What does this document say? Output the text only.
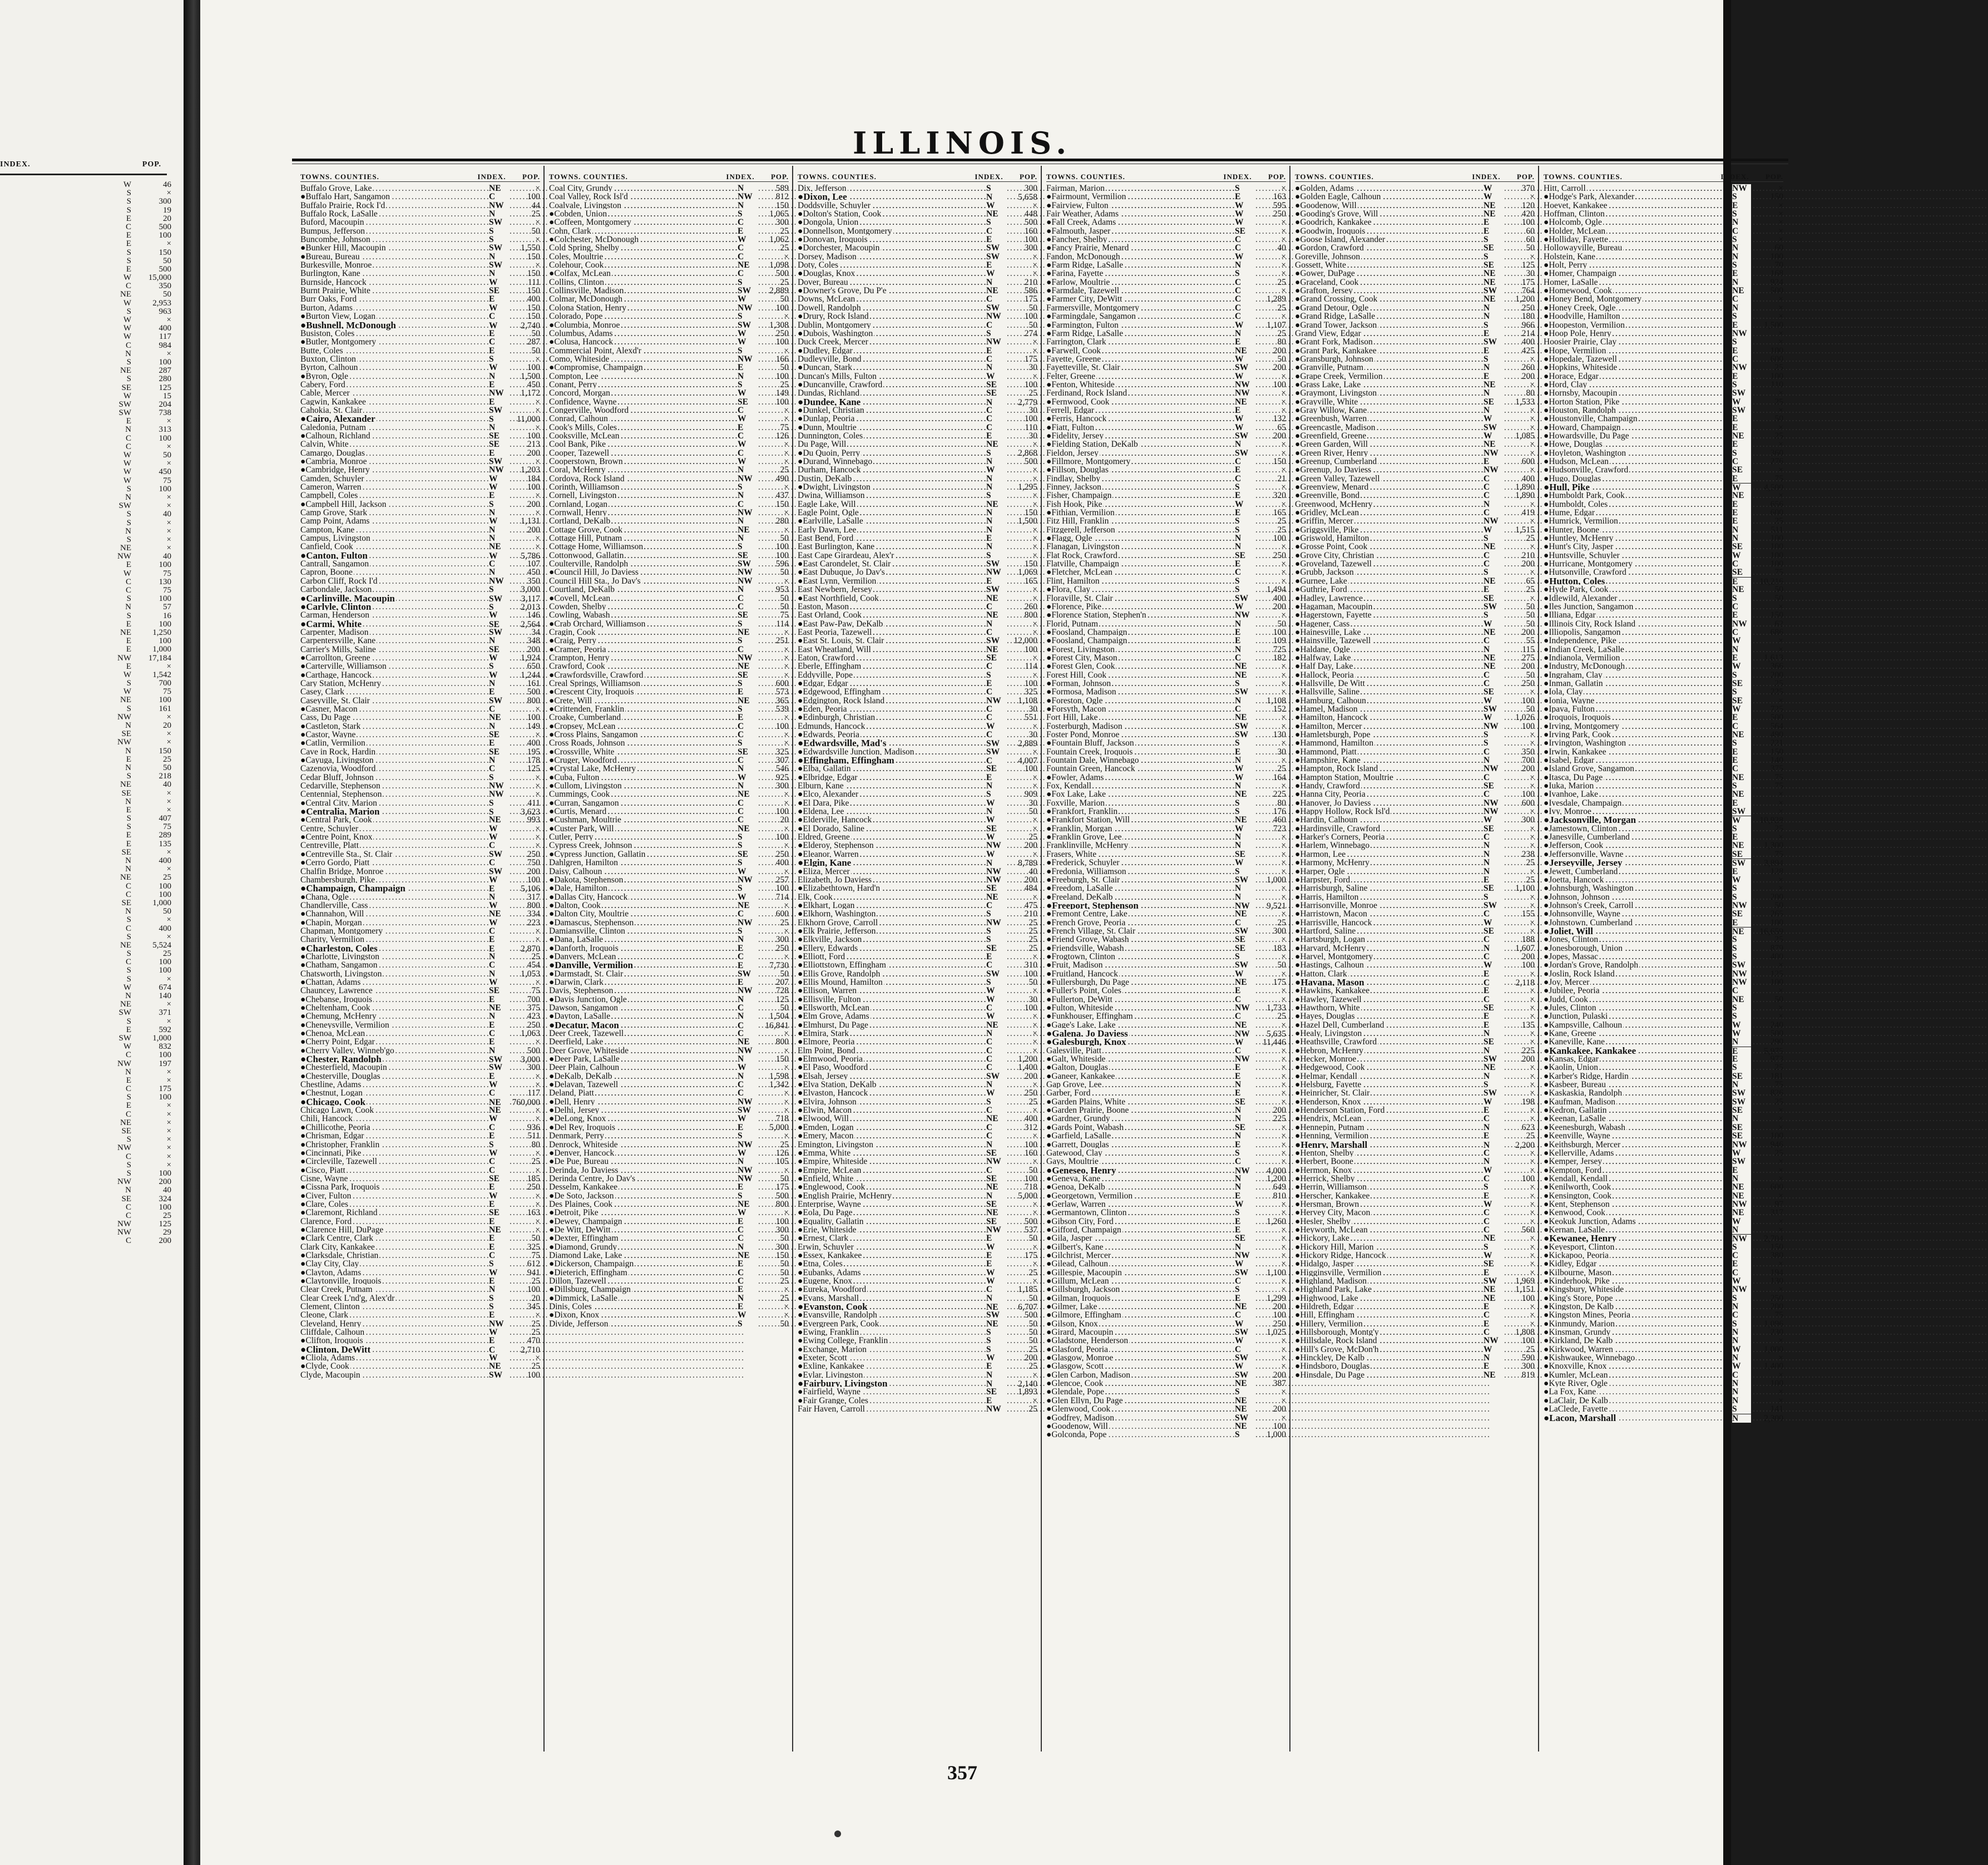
INDEX.	POP.
W	46
S	×
S	300
S	19
E	20
C	500
E	100
E	×
S	150
S	50
E	500
W	15,000
C	350
NE	50
W	2,953
S	963
W	×
W	400
W	117
C	984
N	×
S	100
NE	287
S	280
SE	125
W	15
SW	204
SW	738
E	×
N	313
C	100
C	×
W	50
W	×
W	450
W	75
S	100
N	×
SW	×
S	40
S	×
N	×
S	×
NE	×
NW	40
E	100
W	75
C	130
C	75
S	100
N	57
S	16
E	100
NE	1,250
E	100
E	1,000
NW	17,184
E	×
W	1,542
S	700
W	75
NE	100
S	161
NW	×
N	20
SE	×
NW	×
N	150
E	25
N	50
S	218
NE	40
SE	×
N	×
E	×
S	407
S	75
E	289
E	135
SE	×
N	400
N	×
NE	25
C	100
C	100
SE	1,000
N	50
S	×
C	400
S	×
NE	5,524
S	25
C	100
S	100
S	×
W	674
N	140
NE	×
SW	371
S	×
E	592
SW	1,000
W	832
C	100
NW	197
N	×
E	×
C	175
S	100
E	×
C	×
NE	×
SE	×
S	×
NW	×
C	×
S	×
S	100
NW	200
N	40
SE	324
C	100
C	25
NW	125
NW	29
C	200
ILLINOIS.
TOWNS. COUNTIES.	INDEX.	POP.
Buffalo Grove, Lake .....	NE	×
●Buffalo Hart, Sangamon .....	C	100
Buffalo Prairie, Rock I'd .....	NW	44
Buffalo Rock, LaSalle .....	N	25
Buford, Macoupin .....	SW	×
Bumpus, Jefferson .....	S	50
Buncombe, Johnson .....	S	×
●Bunker Hill, Macoupin .....	SW	1,550
●Bureau, Bureau .....	N	150
Burkesville, Monroe .....	SW	×
Burlington, Kane .....	N	150
Burnside, Hancock .....	W	111
Burnt Prairie, White .....	SE	150
Burr Oaks, Ford .....	E	400
Burton, Adams .....	W	150
●Burton View, Logan .....	C	150
●Bushnell, McDonough .....	W	2,740
Busiston, Coles .....	E	50
●Butler, Montgomery .....	C	287
Butte, Coles .....	E	50
Buxton, Clinton .....	S	×
Byrton, Calhoun .....	W	100
●Byron, Ogle .....	N	1,500
Cabery, Ford .....	E	450
Cable, Mercer .....	NW	1,172
Cagwin, Kankakee .....	E	×
Cahokia, St. Clair .....	SW	×
●Cairo, Alexander .....	S	11,000
Caledonia, Putnam .....	N	×
●Calhoun, Richland .....	SE	100
Calvin, White .....	SE	213
Camargo, Douglas .....	E	200
●Cambria, Monroe .....	SW	×
●Cambridge, Henry .....	NW	1,203
Camden, Schuyler .....	W	184
Cameron, Warren .....	W	100
Campbell, Coles .....	E	×
●Campbell Hill, Jackson .....	S	200
Camp Grove, Stark .....	N	×
Camp Point, Adams .....	W	1,131
Campton, Kane .....	N	200
Campus, Livingston .....	N	×
Canfield, Cook .....	NE	×
●Canton, Fulton .....	W	5,786
Cantrall, Sangamon .....	C	107
Capron, Boone .....	N	450
Carbon Cliff, Rock I'd .....	NW	350
Carbondale, Jackson .....	S	3,000
●Carlinville, Macoupin .....	SW	3,117
●Carlyle, Clinton .....	S	2,013
Carman, Henderson .....	W	146
●Carmi, White .....	SE	2,564
Carpenter, Madison .....	SW	34
Carpentersville, Kane .....	N	348
Carrier's Mills, Saline .....	SE	200
●Carrollton, Greene .....	W	1,924
●Carterville, Williamson .....	S	650
●Carthage, Hancock .....	W	1,244
Cary Station, McHenry .....	N	161
Casey, Clark .....	E	500
Caseyville, St. Clair .....	SW	800
●Casner, Macon .....	C	×
Cass, Du Page .....	NE	100
●Castleton, Stark .....	N	149
●Castor, Wayne .....	SE	×
●Catlin, Vermilion .....	E	400
Cave in Rock, Hardin .....	SE	195
●Cayuga, Livingston .....	N	178
Cazenovia, Woodford .....	C	125
Cedar Bluff, Johnson .....	S	×
Cedarville, Stephenson .....	NW	×
Centennial, Stephenson .....	NW	×
●Central City, Marion .....	S	411
●Centralia, Marion .....	S	3,623
●Central Park, Cook .....	NE	993
Centre, Schuyler .....	W	×
●Centre Point, Knox .....	W	×
Centreville, Platt .....	C	×
●Centreville Sta., St. Clair .....	SW	250
●Cerro Gordo, Piatt .....	C	750
Chalfin Bridge, Monroe .....	SW	200
Chambersburgh, Pike .....	W	100
●Champaign, Champaign .....	E	5,106
●Chana, Ogle .....	N	317
Chandlerville, Cass .....	W	800
●Channahon, Will .....	NE	334
●Chapin, Morgan .....	W	223
Chapman, Montgomery .....	C	×
Charity, Vermilion .....	E	×
●Charleston, Coles .....	E	2,870
●Charlotte, Livingston .....	N	25
●Chatham, Sangamon .....	C	454
Chatsworth, Livingston .....	N	1,053
●Chattan, Adams .....	W	×
Chauncey, Lawrence .....	SE	75
●Chebanse, Iroquois .....	E	700
●Cheltenham, Cook .....	NE	375
●Chemung, McHenry .....	N	423
●Cheneysville, Vermilion .....	E	250
●Chenoa, McLean .....	C	1,063
●Cherry Point, Edgar .....	E	×
●Cherry Valley, Winneb'go .....	N	500
●Chester, Randolph .....	SW	3,000
●Chesterfield, Macoupin .....	SW	300
●Chesterville, Douglas .....	E	×
Chestline, Adams .....	W	×
●Chestnut, Logan .....	C	117
●Chicago, Cook .....	NE	760,000
Chicago Lawn, Cook .....	NE	×
Chili, Hancock .....	W	×
●Chillicothe, Peoria .....	C	936
●Chrisman, Edgar .....	E	511
●Christopher, Franklin .....	S	80
●Cincinnati, Pike .....	W	×
●Circleville, Tazewell .....	C	25
●Cisco, Piatt .....	C	×
Cisne, Wayne .....	SE	185
●Cissna Park, Iroquois .....	E	250
●Civer, Fulton .....	W	×
●Clare, Coles .....	E	×
●Claremont, Richland .....	SE	163
Clarence, Ford .....	E	×
●Clarence Hill, DuPage .....	NE	×
●Clark Centre, Clark .....	E	50
Clark City, Kankakee .....	E	325
●Clarksdale, Christian .....	C	75
●Clay City, Clay .....	S	612
●Clayton, Adams .....	W	941
●Claytonville, Iroquois .....	E	25
Clear Creek, Putnam .....	N	100
Clear Creek L'nd'g, Alex'dr .....	S	20
Clement, Clinton .....	S	345
Cleone, Clark .....	E	×
Cleveland, Henry .....	NW	25
Cliffdale, Calhoun .....	W	25
●Clifton, Iroquois .....	E	470
●Clinton, DeWitt .....	C	2,710
●Cliola, Adams .....	W	×
●Clyde, Cook .....	NE	25
Clyde, Macoupin .....	SW	100
TOWNS. COUNTIES.	INDEX.	POP.
Coal City, Grundy .....	N	589
Coal Valley, Rock Isl'd .....	NW	812
Coalvale, Livingston .....	N	150
●Cobden, Union .....	S	1,065
●Coffeen, Montgomery .....	C	300
Cohn, Clark .....	E	25
●Colchester, McDonough .....	W	1,062
Cold Spring, Shelby .....	C	25
Coles, Moultrie .....	C	×
Colehour, Cook .....	NE	1,098
●Colfax, McLean .....	C	500
Collins, Clinton .....	S	25
Collinsville, Madison .....	SW	2,889
Colmar, McDonough .....	W	50
Colona Station, Henry .....	NW	100
Colorado, Pope .....	S	×
●Columbia, Monroe .....	SW	1,308
Columbus, Adams .....	W	250
●Colusa, Hancock .....	W	100
Commercial Point, Alexd'r .....	S	×
Como, Whiteside .....	NW	166
●Compromise, Champaign .....	E	50
Compton, Lee .....	N	100
Conant, Perry .....	S	25
Concord, Morgan .....	W	149
Confidence, Wayne .....	SE	100
Congerville, Woodford .....	C	×
Conrad, Calhoun .....	W	×
Cook's Mills, Coles .....	E	75
Cooksville, McLean .....	C	126
Cool Bank, Pike .....	W	×
Cooper, Tazewell .....	C	×
Cooperstown, Brown .....	W	×
Coral, McHenry .....	N	25
Cordova, Rock Island .....	NW	490
Corinth, Williamson .....	S	×
Cornell, Livingston .....	N	437
Cornland, Logan .....	C	150
Cornwall, Henry .....	NW	×
Cortland, DeKalb .....	N	280
Cottage Grove, Cook .....	NE	×
Cottage Hill, Putnam .....	N	50
Cottage Home, Williamson .....	S	100
Cottonwood, Gallatin .....	SE	100
Coulterville, Randolph .....	SW	596
●Council Hill, Jo Daviess .....	NW	50
Council Hill Sta., Jo Dav's .....	NW	×
Courtland, DeKalb .....	N	953
●Covell, McLean .....	C	50
Cowden, Shelby .....	C	50
Cowling, Wabash .....	SE	75
●Crab Orchard, Williamson .....	S	114
Cragin, Cook .....	NE	×
●Craig, Perry .....	S	251
●Cramer, Peoria .....	C	×
Crampton, Henry .....	NW	×
Crawford, Cook .....	NE	×
●Crawfordsville, Crawford .....	SE	×
Creal Springs, Williamson .....	S	600
●Crescent City, Iroquois .....	E	573
●Crete, Will .....	NE	365
●Crittenden, Franklin .....	S	539
Croake, Cumberland .....	E	×
●Cropsey, McLean .....	C	100
●Cross Plains, Sangamon .....	C	×
Cross Roads, Johnson .....	S	×
●Crossville, White .....	SE	325
●Cruger, Woodford .....	C	307
●Crystal Lake, McHenry .....	N	546
●Cuba, Fulton .....	W	925
●Cullom, Livingston .....	N	300
Cummings, Cook .....	NE	×
●Curran, Sangamon .....	C	×
●Curtis, Menard .....	C	100
●Cushman, Moultrie .....	C	20
●Custer Park, Will .....	NE	×
Cutler, Perry .....	S	100
Cypress Creek, Johnson .....	S	×
●Cypress Junction, Gallatin .....	SE	250
Dahlgren, Hamilton .....	S	400
Daisy, Calhoun .....	W	×
●Dakota, Stephenson .....	NW	257
●Dale, Hamilton .....	S	100
●Dallas City, Hancock .....	W	714
●Dalton, Cook .....	NE	×
●Dalton City, Moultrie .....	C	600
●Damascus, Stephenson .....	NW	25
Damiansville, Clinton .....	S	×
●Dana, LaSalle .....	N	300
●Danforth, Iroquois .....	E	250
●Danvers, McLean .....	C	×
●Danville, Vermilion .....	E	7,730
●Darmstadt, St. Clair .....	SW	50
●Darwin, Clark .....	E	207
Davis, Stephenson .....	NW	728
●Davis Junction, Ogle .....	N	125
Dawson, Sangamon .....	C	50
●Dayton, LaSalle .....	N	1,504
●Decatur, Macon .....	C	16,841
Deer Creek, Tazewell .....	C	×
Deerfield, Lake .....	NE	800
Deer Grove, Whiteside .....	NW	×
●Deer Park, LaSalle .....	N	150
Deer Plain, Calhoun .....	W	×
●DeKalb, DeKalb .....	N	1,598
●Delavan, Tazewell .....	C	1,342
Deland, Piatt .....	C	×
●Dell, Henry .....	NW	×
●Delhi, Jersey .....	SW	×
●DeLong, Knox .....	W	718
●Del Rey, Iroquois .....	E	5,000
Denmark, Perry .....	S	×
Denrock, Whiteside .....	NW	25
●Denver, Hancock .....	W	126
●De Pue, Bureau .....	N	105
Derinda, Jo Daviess .....	NW	×
Derinda Centre, Jo Dav's .....	NW	50
Desselm, Kankakee .....	E	175
●De Soto, Jackson .....	S	500
Des Plaines, Cook .....	NE	800
●Detroit, Pike .....	W	×
●Dewey, Champaign .....	E	100
●De Witt, DeWitt .....	C	300
●Dexter, Effingham .....	C	50
●Diamond, Grundy .....	N	300
Diamond Lake, Lake .....	NE	150
●Dickerson, Champaign .....	E	50
●Dieterich, Effingham .....	C	50
Dillon, Tazewell .....	C	25
●Dillsburg, Champaign .....	E	×
●Dimmick, LaSalle .....	N	25
Dinis, Coles .....	E	×
●Dixon, Knox .....	W	×
Divide, Jefferson .....	S	50
TOWNS. COUNTIES.	INDEX.	POP.
Dix, Jefferson .....	S	300
●Dixon, Lee .....	N	5,658
Doddsville, Schuyler .....	W	×
●Dolton's Station, Cook .....	NE	448
●Dongola, Union .....	S	500
●Donnellson, Montgomery .....	C	160
●Donovan, Iroquois .....	E	100
●Dorchester, Macoupin .....	SW	300
Dorsey, Madison .....	SW	×
Doty, Coles .....	E	×
●Douglas, Knox .....	W	×
Dover, Bureau .....	N	210
●Downer's Grove, Du P'e .....	NE	586
Downs, McLean .....	C	175
Dowell, Randolph .....	SW	50
●Drury, Rock Island .....	NW	100
Dublin, Montgomery .....	C	50
●Dubois, Washington .....	S	274
Duck Creek, Mercer .....	NW	×
●Dudley, Edgar .....	E	×
Dudleyville, Bond .....	C	175
●Duncan, Stark .....	N	30
Duncan's Mills, Fulton .....	W	×
●Duncanville, Crawford .....	SE	100
Dundas, Richland .....	SE	25
●Dundee, Kane .....	N	2,779
●Dunkel, Christian .....	C	30
●Dunlap, Peoria .....	C	100
●Dunn, Moultrie .....	C	110
Dunnington, Coles .....	E	30
Du Page, Will .....	NE	×
●Du Quoin, Perry .....	S	2,868
●Durand, Winnebago .....	N	500
Durham, Hancock .....	W	×
Dustin, DeKalb .....	N	×
●Dwight, Livingston .....	N	1,295
Dwina, Williamson .....	S	×
Eagle Lake, Will .....	NE	×
Eagle Point, Ogle .....	N	150
●Earlville, LaSalle .....	N	1,500
Early Dawn, Lee .....	N	×
East Bend, Ford .....	E	×
East Burlington, Kane .....	N	×
East Cape Girardeau, Alex'r .....	S	×
●East Carondelet, St. Clair .....	SW	150
●East Dubuque, Jo Dav's .....	NW	1,069
●East Lynn, Vermilion .....	E	165
East Newbern, Jersey .....	SW	×
●East Northfield, Cook .....	NE	×
Easton, Mason .....	C	260
East Orland, Cook .....	NE	800
●East Paw-Paw, DeKalb .....	N	×
East Peoria, Tazewell .....	C	×
●East St. Louis, St. Clair .....	SW	12,000
East Wheatland, Will .....	NE	100
Eaton, Crawford .....	SE	×
Eberle, Effingham .....	C	114
Eddyville, Pope .....	S	×
●Edgar, Edgar .....	E	100
●Edgewood, Effingham .....	C	325
●Edgington, Rock Island .....	NW	1,108
●Eden, Peoria .....	C	30
●Edinburgh, Christian .....	C	551
Edmunds, Hancock .....	W	×
●Edwards, Peoria .....	C	30
●Edwardsville, Mad's .....	SW	2,889
●Edwardsville Junction, Madison .....	SW	×
●Effingham, Effingham .....	C	4,007
●Elba, Gallatin .....	SE	100
●Elbridge, Edgar .....	E	×
Elburn, Kane .....	N	×
●Elco, Alexander .....	S	909
●El Dara, Pike .....	W	30
●Eldena, Lee .....	N	50
●Elderville, Hancock .....	W	×
●El Dorado, Saline .....	SE	×
Eldred, Greene .....	W	25
●Elderoy, Stephenson .....	NW	200
●Eleanor, Warren .....	W	×
●Elgin, Kane .....	N	8,789
●Eliza, Mercer .....	NW	40
Elizabeth, Jo Daviess .....	NW	200
●Elizabethtown, Hard'n .....	SE	484
Elk, Cook .....	NE	×
●Elkhart, Logan .....	C	475
●Elkhorn, Washington .....	S	210
Elkhorn Grove, Carroll .....	NW	25
●Elk Prairie, Jefferson .....	S	25
●Elkville, Jackson .....	S	25
●Ellery, Edwards .....	SE	25
●Elliott, Ford .....	E	×
●Elliottstown, Effingham .....	C	310
●Ellis Grove, Randolph .....	SW	100
●Ellis Mound, Hamilton .....	S	50
●Ellison, Warren .....	W	×
●Ellisville, Fulton .....	W	30
●Ellsworth, McLean .....	C	100
●Elm Grove, Adams .....	W	×
●Elmhurst, Du Page .....	NE	×
●Elmira, Stark .....	N	×
●Elmore, Peoria .....	C	×
Elm Point, Bond .....	C	×
●Elmwood, Peoria .....	C	1,200
●El Paso, Woodford .....	C	1,400
●Elsah, Jersey .....	SW	200
●Elva Station, DeKalb .....	N	×
●Elvaston, Hancock .....	W	250
●Elvira, Johnson .....	S	25
●Elwin, Macon .....	C	×
●Elwood, Will .....	NE	400
●Emden, Logan .....	C	312
●Emery, Macon .....	C	×
Emington, Livingston .....	N	100
●Emma, White .....	SE	160
●Empire, Whiteside .....	NW	×
●Empire, McLean .....	C	50
●Enfield, White .....	SE	100
●Englewood, Cook .....	NE	718
●English Prairie, McHenry .....	N	5,000
Enterprise, Wayne .....	SE	×
●Eola, Du Page .....	NE	×
●Equality, Gallatin .....	SE	500
●Erie, Whiteside .....	NW	537
●Ernest, Clark .....	E	50
Erwin, Schuyler .....	W	×
●Essex, Kankakee .....	E	175
●Etna, Coles .....	E	×
●Eubanks, Adams .....	W	25
●Eugene, Knox .....	W	×
●Eureka, Woodford .....	C	1,185
●Evans, Marshall .....	N	50
●Evanston, Cook .....	NE	6,707
●Evansville, Randolph .....	SW	500
●Evergreen Park, Cook .....	NE	50
●Ewing, Franklin .....	S	50
●Ewing College, Franklin .....	S	50
●Exchange, Marion .....	S	25
●Exeter, Scott .....	W	200
●Exline, Kankakee .....	E	25
●Eylar, Livingston .....	N	×
●Fairbury, Livingston .....	N	2,140
●Fairfield, Wayne .....	SE	1,893
●Fair Grange, Coles .....	E	×
Fair Haven, Carroll .....	NW	25
TOWNS. COUNTIES.	INDEX.	POP.
Fairman, Marion .....	S	×
●Fairmount, Vermilion .....	E	163
●Fairview, Fulton .....	W	595
Fair Weather, Adams .....	W	250
●Fall Creek, Adams .....	W	×
●Falmouth, Jasper .....	SE	×
●Fancher, Shelby .....	C	×
●Fancy Prairie, Menard .....	C	40
Fandon, McDonough .....	W	×
●Farm Ridge, LaSalle .....	N	×
●Farina, Fayette .....	S	×
●Farlow, Moultrie .....	C	25
●Farmdale, Tazewell .....	C	×
●Farmer City, DeWitt .....	C	1,289
Farmersville, Montgomery .....	C	25
●Farmingdale, Sangamon .....	C	×
●Farmington, Fulton .....	W	1,107
●Farm Ridge, LaSalle .....	N	25
Farrington, Clark .....	E	80
●Farwell, Cook .....	NE	200
Fayette, Greene .....	W	50
Fayetteville, St. Clair .....	SW	200
Felter, Greene .....	W	×
●Fenton, Whiteside .....	NW	100
Ferdinand, Rock Island .....	NW	×
●Fernwood, Cook .....	NE	×
Ferrell, Edgar .....	E	×
●Ferris, Hancock .....	W	132
●Fiatt, Fulton .....	W	65
●Fidelity, Jersey .....	SW	200
●Fielding Station, DeKalb .....	N	×
Fieldon, Jersey .....	SW	×
●Fillmore, Montgomery .....	C	150
●Fillson, Douglas .....	E	×
Findlay, Shelby .....	C	21
Finney, Jackson .....	S	×
Fisher, Champaign .....	E	320
Fish Hook, Pike .....	W	×
●Fithian, Vermilion .....	E	165
Fitz Hill, Franklin .....	S	25
Fitzgerell, Jefferson .....	S	25
●Flagg, Ogle .....	N	100
Flanagan, Livingston .....	N	×
Flat Rock, Crawford .....	SE	250
Flatville, Champaign .....	E	×
●Fletcher, McLean .....	C	×
Flint, Hamilton .....	S	×
●Flora, Clay .....	S	1,494
Floraville, St. Clair .....	SW	400
●Florence, Pike .....	W	200
●Florence Station, Stephen'n .....	NW	×
Florid, Putnam .....	N	50
●Foosland, Champaign .....	E	100
●Foosland, Champaign .....	E	109
●Forest, Livingston .....	N	725
●Forest City, Mason .....	C	182
●Forest Glen, Cook .....	NE	×
Forest Hill, Cook .....	NE	×
●Forman, Johnson .....	S	×
●Formosa, Madison .....	SW	×
●Foreston, Ogle .....	N	1,108
●Forsyth, Macon .....	C	152
Fort Hill, Lake .....	NE	×
Fosterburgh, Madison .....	SW	×
Foster Pond, Monroe .....	SW	130
●Fountain Bluff, Jackson .....	S	×
Fountain Creek, Iroquois .....	E	30
Fountain Dale, Winnebago .....	N	×
Fountain Green, Hancock .....	W	25
●Fowler, Adams .....	W	164
Fox, Kendall .....	N	×
●Fox Lake, Lake .....	NE	225
Foxville, Marion .....	S	80
●Frankfort, Franklin .....	S	176
●Frankfort Station, Will .....	NE	460
●Franklin, Morgan .....	W	723
●Franklin Grove, Lee .....	N	×
Franklinville, McHenry .....	N	×
Frasers, White .....	SE	×
●Frederick, Schuyler .....	W	×
●Fredonia, Williamson .....	S	×
●Freeburgh, St. Clair .....	SW	1,000
●Freedom, LaSalle .....	N	×
●Freeland, DeKalb .....	N	×
●Freeport, Stephenson .....	NW	9,521
●Fremont Centre, Lake .....	NE	×
●French Grove, Peoria .....	C	25
●French Village, St. Clair .....	SW	300
●Friend Grove, Wabash .....	SE	×
●Friendsville, Wabash .....	SE	183
●Frogtown, Clinton .....	S	×
●Fruit, Madison .....	SW	50
●Fruitland, Hancock .....	W	×
●Fullersburgh, Du Page .....	NE	175
●Fuller's Point, Coles .....	E	×
●Fullerton, DeWitt .....	C	×
●Fulton, Whiteside .....	NW	1,733
●Funkhouser, Effingham .....	C	25
●Gage's Lake, Lake .....	NE	×
●Galena, Jo Daviess .....	NW	5,635
●Galesburgh, Knox .....	W	11,446
Galesville, Piatt .....	C	×
●Galt, Whiteside .....	NW	×
●Galton, Douglas .....	E	×
●Ganeer, Kankakee .....	E	×
Gap Grove, Lee .....	N	×
Garber, Ford .....	E	×
●Garden Plains, White .....	SE	×
●Garden Prairie, Boone .....	N	200
●Gardner, Grundy .....	N	225
●Gards Point, Wabash .....	SE	×
●Garfield, LaSalle .....	N	×
●Garrett, Douglas .....	E	×
Gatewood, Clay .....	S	×
Gays, Moultrie .....	C	×
●Geneseo, Henry .....	NW	4,000
●Geneva, Kane .....	N	1,200
●Genoa, DeKalb .....	N	649
●Georgetown, Vermilion .....	E	810
●Gerlaw, Warren .....	W	×
●Germantown, Clinton .....	S	×
●Gibson City, Ford .....	E	1,260
●Gifford, Champaign .....	E	×
●Gila, Jasper .....	SE	×
●Gilbert's, Kane .....	N	×
●Gilchrist, Mercer .....	NW	×
●Gilead, Calhoun .....	W	×
●Gillespie, Macoupin .....	SW	1,100
●Gillum, McLean .....	C	×
●Gillsburgh, Jackson .....	S	×
●Gilman, Iroquois .....	E	1,299
●Gilmer, Lake .....	NE	200
●Gilmore, Effingham .....	C	100
●Gilson, Knox .....	W	250
●Girard, Macoupin .....	SW	1,025
●Gladstone, Henderson .....	W	×
●Glasford, Peoria .....	C	×
●Glasgow, Monroe .....	SW	×
●Glasgow, Scott .....	W	×
●Glen Carbon, Madison .....	SW	200
●Glencoe, Cook .....	NE	387
●Glendale, Pope .....	S	×
●Glen Ellyn, Du Page .....	NE	×
●Glenwood, Cook .....	NE	200
●Godfrey, Madison .....	SW	×
●Goodenow, Will .....	NE	100
●Golconda, Pope .....	S	1,000
TOWNS. COUNTIES.	INDEX.	POP.
●Golden, Adams .....	W	370
●Golden Eagle, Calhoun .....	W	×
●Goodenow, Will .....	NE	120
●Gooding's Grove, Will .....	NE	420
●Goodrich, Kankakee .....	E	100
●Goodwin, Iroquois .....	E	60
●Goose Island, Alexander .....	S	60
●Gordon, Crawford .....	SE	50
Goreville, Johnson .....	S	×
Gossett, White .....	SE	125
●Gower, DuPage .....	NE	30
●Graceland, Cook .....	NE	175
●Grafton, Jersey .....	SW	764
●Grand Crossing, Cook .....	NE	1,200
●Grand Detour, Ogle .....	N	250
●Grand Ridge, LaSalle .....	N	180
●Grand Tower, Jackson .....	S	966
Grand View, Edgar .....	E	214
●Grant Fork, Madison .....	SW	400
●Grant Park, Kankakee .....	E	425
●Gransburgh, Johnson .....	S	×
●Granville, Putnam .....	N	260
●Grape Creek, Vermilion .....	E	200
●Grass Lake, Lake .....	NE	×
●Graymont, Livingston .....	N	80
●Grayville, White .....	SE	1,533
●Gray Willow, Kane .....	N	×
●Greenbush, Warren .....	W	×
●Greencastle, Madison .....	SW	×
●Greenfield, Greene .....	W	1,085
●Green Garden, Will .....	NE	×
●Green River, Henry .....	NW	×
●Greenup, Cumberland .....	E	600
●Greenup, Jo Daviess .....	NW	×
●Green Valley, Tazewell .....	C	400
●Greenview, Menard .....	C	1,890
●Greenville, Bond .....	C	1,890
Greenwood, McHenry .....	N	×
●Gridley, McLean .....	C	419
●Griffin, Mercer .....	NW	×
●Griggsville, Pike .....	W	1,515
●Griswold, Hamilton .....	S	25
●Grosse Point, Cook .....	NE	×
●Grove City, Christian .....	C	210
●Groveland, Tazewell .....	C	200
●Grubb, Jackson .....	S	×
●Gurnee, Lake .....	NE	65
●Guthrie, Ford .....	E	25
●Hadley, Lawrence .....	SE	×
●Hagaman, Macoupin .....	SW	50
●Hagerstown, Fayette .....	S	50
●Hagener, Cass .....	W	50
●Hainesville, Lake .....	NE	200
●Hainsville, Tazewell .....	C	55
●Haldane, Ogle .....	N	115
●Halfway, Lake .....	NE	275
●Half Day, Lake .....	NE	200
●Hallock, Peoria .....	C	50
●Hallsville, De Witt .....	C	250
●Hallsville, Saline .....	SE	×
●Hamburg, Calhoun .....	W	100
●Hamel, Madison .....	SW	50
●Hamilton, Hancock .....	W	1,026
●Hamilton, Mercer .....	NW	100
●Hamletsburgh, Pope .....	S	×
●Hammond, Hamilton .....	S	×
●Hammond, Piatt .....	C	350
●Hampshire, Kane .....	N	700
●Hampton, Rock Island .....	NW	200
●Hampton Station, Moultrie .....	C	×
●Handy, Crawford .....	SE	×
●Hanna City, Peoria .....	C	100
●Hanover, Jo Daviess .....	NW	600
●Happy Hollow, Rock Isl'd .....	NW	×
●Hardin, Calhoun .....	W	300
●Hardinsville, Crawford .....	SE	×
●Harker's Corners, Peoria .....	C	×
●Harlem, Winnebago .....	N	×
●Harmon, Lee .....	N	238
●Harmony, McHenry .....	N	25
●Harper, Ogle .....	N	×
●Harpster, Ford .....	E	25
●Harrisburgh, Saline .....	SE	1,100
●Harris, Hamilton .....	S	×
●Harrisonville, Monroe .....	SW	×
●Harristown, Macon .....	C	155
●Harrisville, Hancock .....	W	×
●Hartford, Saline .....	SE	×
●Hartsburgh, Logan .....	C	188
●Harvard, McHenry .....	N	1,607
●Harvel, Montgomery .....	C	200
●Hastings, Calhoun .....	W	100
●Hatton, Clark .....	E	×
●Havana, Mason .....	C	2,118
●Hawkins, Kankakee .....	E	×
●Hawley, Tazewell .....	C	×
●Hawthorn, White .....	SE	×
●Hayes, Douglas .....	E	×
●Hazel Dell, Cumberland .....	E	135
●Healy, Livingston .....	N	×
●Heathsville, Crawford .....	SE	×
●Hebron, McHenry .....	N	225
●Hecker, Monroe .....	SW	200
●Hedgewood, Cook .....	NE	×
●Helmar, Kendall .....	N	×
●Helsburg, Fayette .....	S	×
●Heinricher, St. Clair .....	SW	×
●Henderson, Knox .....	W	198
●Henderson Station, Ford .....	E	×
●Hendrix, McLean .....	C	×
●Hennepin, Putnam .....	N	623
●Henning, Vermilion .....	E	25
●Henry, Marshall .....	N	2,200
●Henton, Shelby .....	C	×
●Herbert, Boone .....	N	×
●Hermon, Knox .....	W	×
●Herrick, Shelby .....	C	100
●Herrin, Williamson .....	S	×
●Herscher, Kankakee .....	E	×
●Hersman, Brown .....	W	×
●Hervey City, Macon .....	C	×
●Hesler, Shelby .....	C	×
●Heyworth, McLean .....	C	560
●Hickory, Lake .....	NE	×
●Hickory Hill, Marion .....	S	×
●Hickory Ridge, Hancock .....	W	×
●Hidalgo, Jasper .....	SE	×
●Higginsville, Vermilion .....	E	×
●Highland, Madison .....	SW	1,969
●Highland Park, Lake .....	NE	1,151
●Highwood, Lake .....	NE	100
●Hildreth, Edgar .....	E	×
●Hill, Effingham .....	C	×
●Hillery, Vermilion .....	E	×
●Hillsborough, Montg'y .....	C	1,808
●Hillsdale, Rock Island .....	NW	100
●Hill's Grove, McDon'h .....	W	25
●Hinckley, De Kalb .....	N	590
●Hindsboro, Douglas .....	E	300
●Hinsdale, Du Page .....	NE	819
TOWNS. COUNTIES.	INDEX.	POP.
Hitt, Carroll .....	NW	×
●Hodge's Park, Alexander .....	S	150
Hoevet, Kankakee .....	E	×
Hoffman, Clinton .....	S	×
●Holcomb, Ogle .....	N	×
●Holder, McLean .....	C	×
●Holliday, Fayette .....	S	×
Hollowayville, Bureau .....	N	60
Holstein, Kane .....	N	100
●Holt, Perry .....	S	70
●Homer, Champaign .....	E	168
Homer, LaSalle .....	N	924
●Homewood, Cook .....	NE	500
●Honey Bend, Montgomery .....	C	×
●Honey Creek, Ogle .....	N	×
●Hoodville, Hamilton .....	S	×
●Hoopeston, Vermilion .....	E	1,500
●Hoop Pole, Henry .....	NW	×
Hoosier Prairie, Clay .....	S	×
●Hope, Vermilion .....	E	100
●Hopedale, Tazewell .....	C	600
●Hopkins, Whiteside .....	NW	25
●Horace, Edgar .....	E	100
●Hord, Clay .....	S	110
●Hornsby, Macoupin .....	SW	×
●Horton Station, Pike .....	W	25
●Houston, Randolph .....	SW	×
●Houstonville, Champaign .....	E	50
●Howard, Champaign .....	E	×
●Howardsville, Du Page .....	NE	25
●Howe, Douglas .....	E	×
●Hoyleton, Washington .....	S	360
●Hudson, McLean .....	C	276
●Hudsonville, Crawford .....	SE	×
●Hugo, Douglas .....	E	75
●Hull, Pike .....	W	4,500
●Humboldt Park, Cook .....	NE	×
●Humboldt, Coles .....	E	656
●Hume, Edgar .....	E	600
●Humrick, Vermilion .....	E	25
●Hunter, Boone .....	N	511
●Huntley, McHenry .....	N	100
●Hunt's City, Jasper .....	SE	100
●Huntsville, Schuyler .....	W	100
●Hurricane, Montgomery .....	C	100
●Hutsonville, Crawford .....	SE	75
●Hutton, Coles .....	E	10,216
●Hyde Park, Cook .....	NE	50
●Idlewild, Alexander .....	S	50
●Iles Junction, Sangamon .....	C	×
●Illiana, Edgar .....	E	150
●Illinois City, Rock Island .....	NW	62
●Illiopolis, Sangamon .....	C	686
●Independence, Pike .....	W	×
●Indian Creek, LaSalle .....	N	×
●Indianola, Vermilion .....	E	1,613
●Industry, McDonough .....	W	366
●Ingraham, Clay .....	S	200
●Inman, Gallatin .....	SE	25
●Iola, Clay .....	S	225
●Ionia, Wayne .....	SE	×
●Ipava, Fulton .....	W	725
●Iroquois, Iroquois .....	E	500
●Irving, Montgomery .....	C	564
●Irving Park, Cook .....	NE	490
●Irvington, Washington .....	S	221
●Irwin, Kankakee .....	E	150
●Isabel, Edgar .....	E	140
●Island Grove, Sangamon .....	C	375
●Itasca, Du Page .....	NE	75
●Iuka, Marion .....	S	75
●Ivanhoe, Lake .....	NE	×
●Ivesdale, Champaign .....	E	×
●Ivy, Monroe .....	SW	×
●Jacksonville, Morgan .....	W	10,928
●Jamestown, Clinton .....	S	25
●Janesville, Cumberland .....	E	×
●Jefferson, Cook .....	NE	1,300
●Jeffersonville, Wayne .....	SE	75
●Jerseyville, Jersey .....	SW	3,894
●Jewett, Cumberland .....	E	128
●Joetta, Hancock .....	W	×
●Johnsburgh, Washington .....	S	×
●Johnson, Johnson .....	S	200
●Johnson's Creek, Carroll .....	NW	50
●Johnsonville, Wayne .....	SE	265
●Johnstown, Cumberland .....	E	100
●Joliet, Will .....	NE	16,659
●Jones, Clinton .....	S	25
●Jonesborough, Union .....	S	879
●Jopes, Massac .....	S	400
●Jordan's Grove, Randolph .....	SW	×
●Joslin, Rock Island .....	NW	125
●Joy, Mercer .....	NW	100
●Jubilee, Peoria .....	C	×
●Judd, Cook .....	NE	50
●Jules, Clinton .....	S	×
●Junction, Pulaski .....	S	×
●Kampsville, Calhoun .....	W	240
●Kane, Greene .....	W	500
●Kaneville, Kane .....	N	290
●Kankakee, Kankakee .....	E	5,975
●Kansas, Edgar .....	E	973
●Kaolin, Union .....	S	25
●Karber's Ridge, Hardin .....	SE	181
●Kasbeer, Bureau .....	N	75
●Kaskaskia, Randolph .....	SW	826
●Kaufman, Madison .....	SW	25
●Kedron, Gallatin .....	SE	×
●Keenan, LaSalle .....	N	×
●Keenesburgh, Wabash .....	SE	×
●Keenville, Wayne .....	SE	100
●Keithsburgh, Mercer .....	NW	946
●Kellerville, Adams .....	W	25
●Kemper, Jersey .....	SW	×
●Kempton, Ford .....	E	×
●Kendall, Kendall .....	N	×
●Kenilworth, Cook .....	NE	600
●Kensington, Cook .....	NE	×
●Kent, Stephenson .....	NW	97
●Kenwood, Cook .....	NE	317
●Keokuk Junction, Adams .....	W	×
●Kernan, LaSalle .....	N	×
●Kewanee, Henry .....	NW	2,704
●Keyesport, Clinton .....	S	150
●Kickapoo, Peoria .....	C	380
●Kidley, Edgar .....	E	×
●Kilbourne, Mason .....	C	194
●Kinderhook, Pike .....	W	130
●Kingsbury, Whiteside .....	NW	×
●King's Store, Pope .....	S	250
●Kingston, De Kalb .....	N	200
●Kingston Mines, Peoria .....	C	75
●Kinmundy, Marion .....	S	1,096
●Kinsman, Grundy .....	N	230
●Kirkland, De Kalb .....	N	×
●Kirkwood, Warren .....	W	1,000
●Kishwaukee, Winnebago .....	N	×
●Knoxville, Knox .....	W	1,400
●Kumler, McLean .....	C	×
●Kyte River, Ogle .....	N	100
●La Fox, Kane .....	N	×
●LaClair, De Kalb .....	N	×
●LaClede, Fayette .....	S	141
●Lacon, Marshall .....	N	2,300
357
